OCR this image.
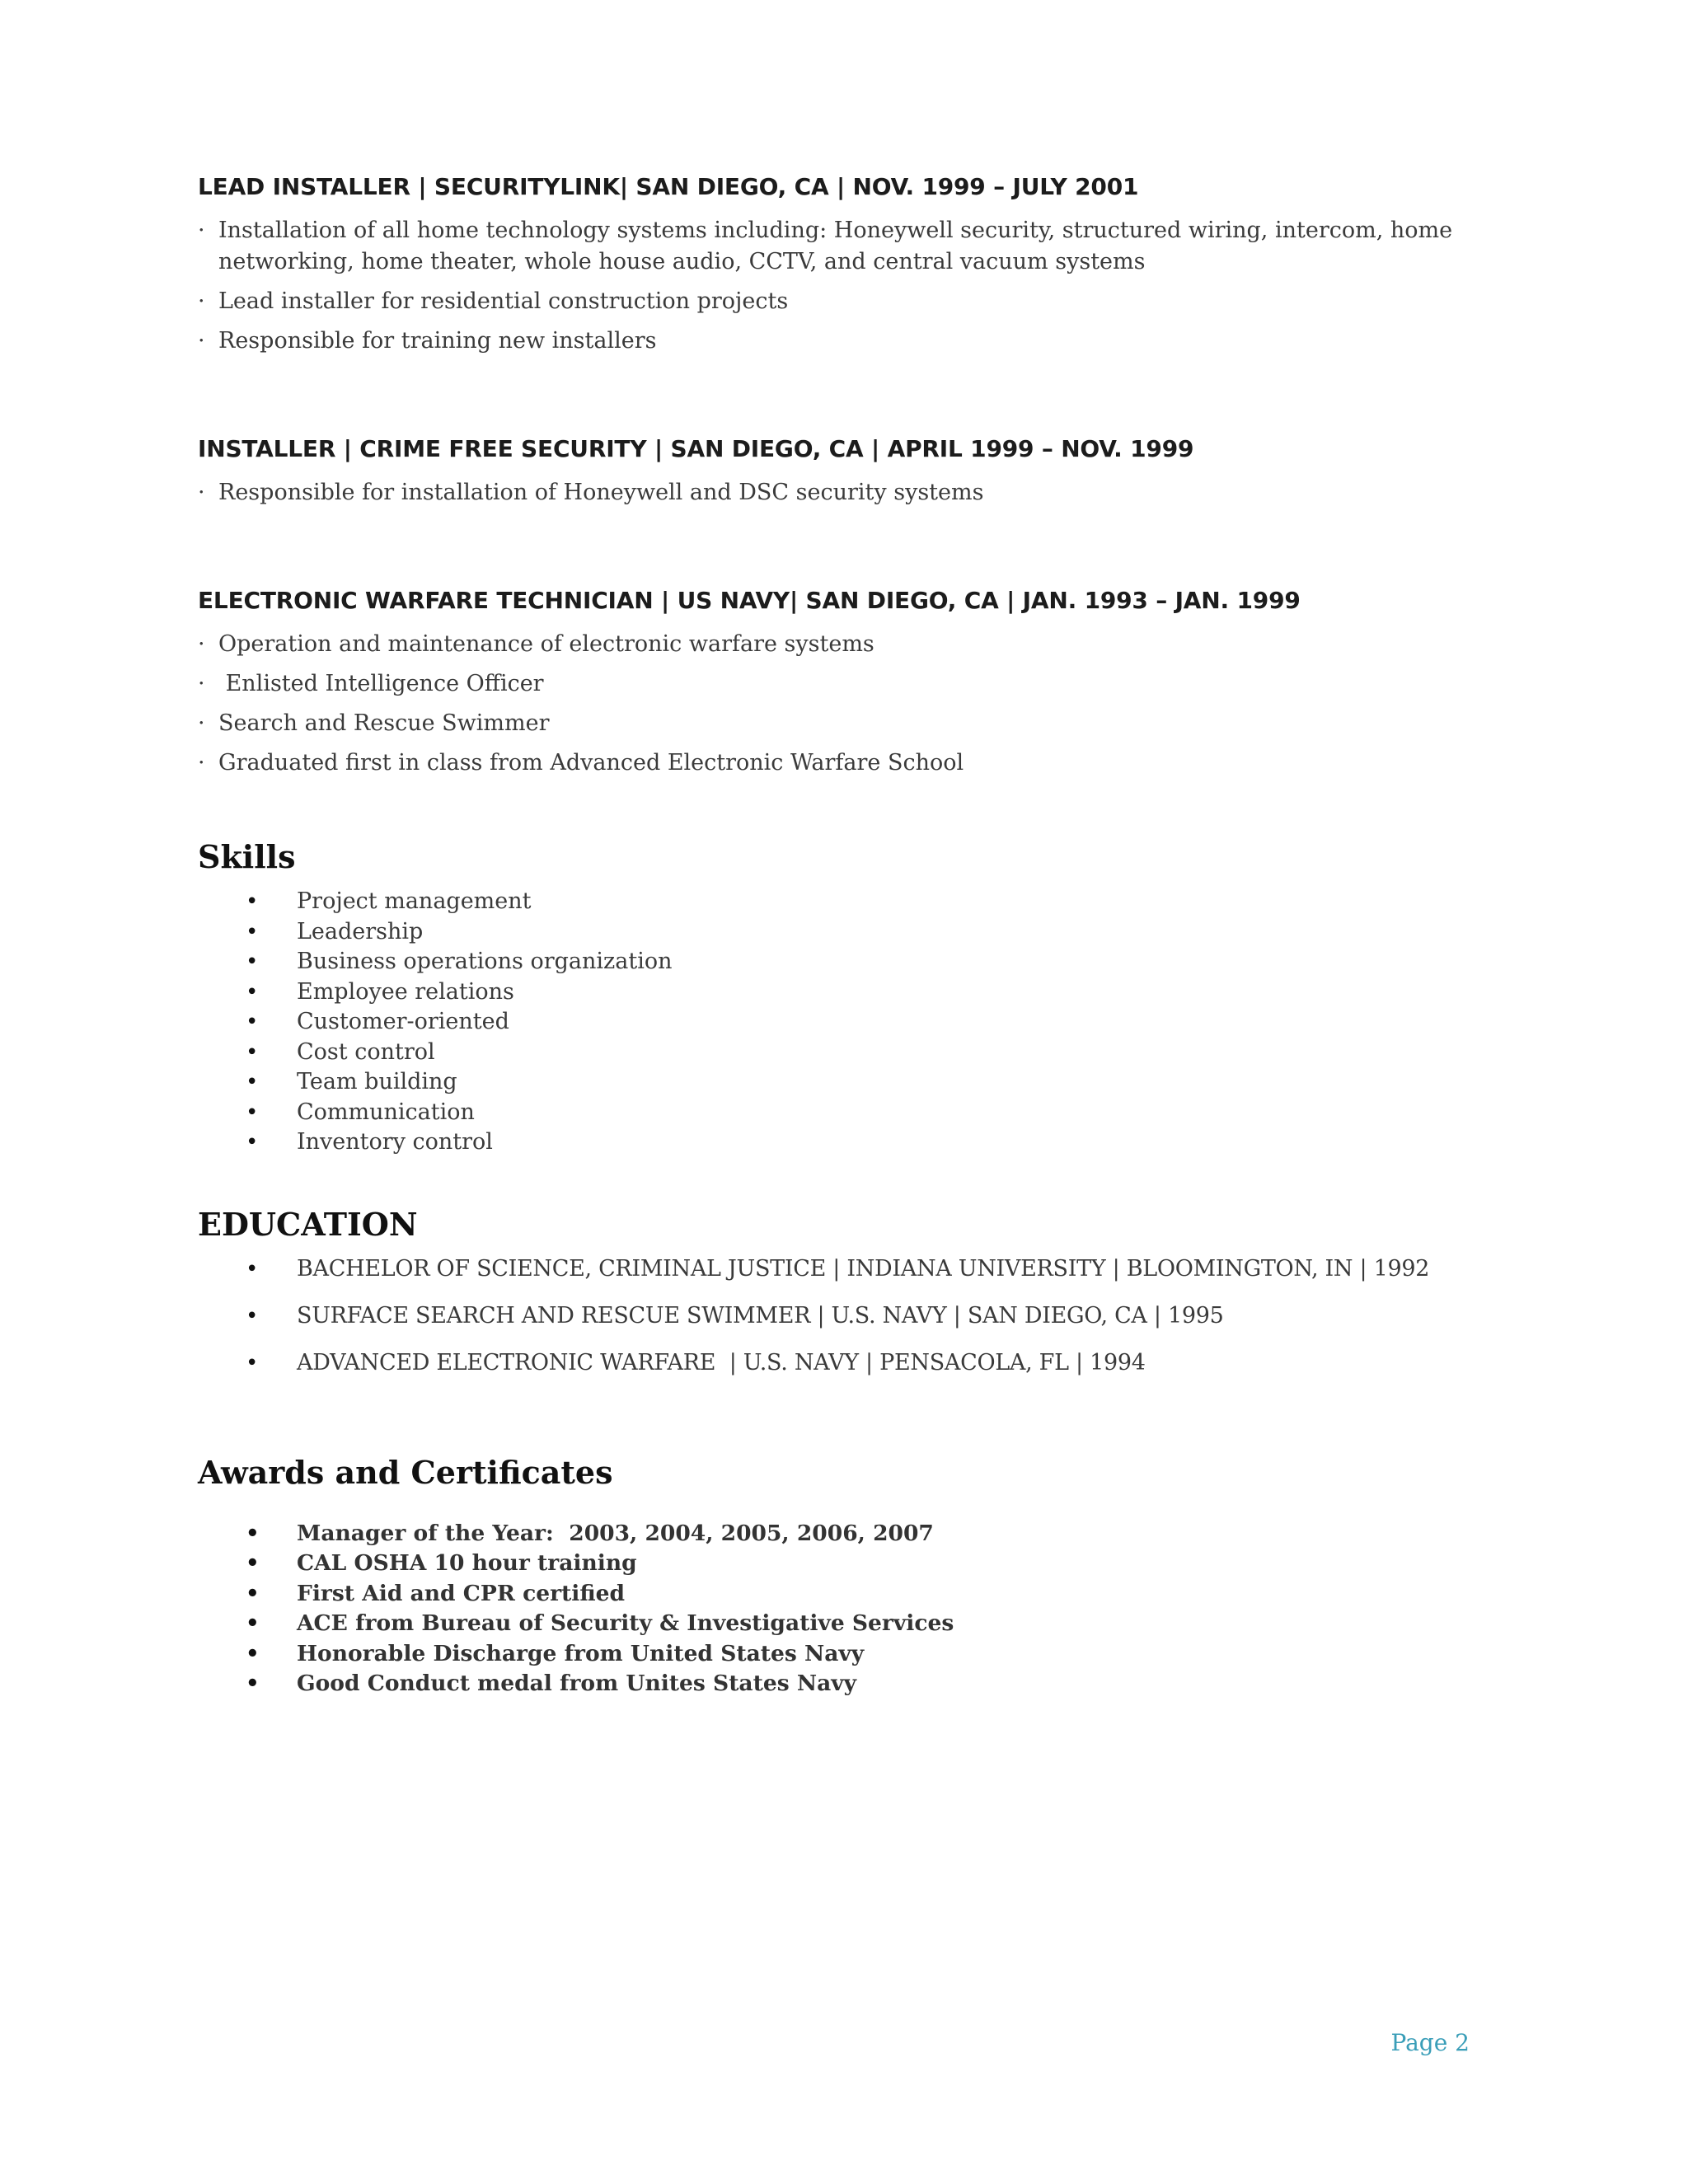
LEAD INSTALLER | SECURITYLINK| SAN DIEGO, CA | NOV. 1999 – JULY 2001
· Installation of all home technology systems including: Honeywell security, structured wiring, intercom, home networking, home theater, whole house audio, CCTV, and central vacuum systems
· Lead installer for residential construction projects
· Responsible for training new installers
INSTALLER | CRIME FREE SECURITY | SAN DIEGO, CA | APRIL 1999 – NOV. 1999
· Responsible for installation of Honeywell and DSC security systems
ELECTRONIC WARFARE TECHNICIAN | US NAVY| SAN DIEGO, CA | JAN. 1993 – JAN. 1999
· Operation and maintenance of electronic warfare systems
· Enlisted Intelligence Officer
· Search and Rescue Swimmer
· Graduated first in class from Advanced Electronic Warfare School
Skills
• Project management
• Leadership
• Business operations organization
• Employee relations
• Customer-oriented
• Cost control
• Team building
• Communication
• Inventory control
EDUCATION
• BACHELOR OF SCIENCE, CRIMINAL JUSTICE | INDIANA UNIVERSITY | BLOOMINGTON, IN | 1992
• SURFACE SEARCH AND RESCUE SWIMMER | U.S. NAVY | SAN DIEGO, CA | 1995
• ADVANCED ELECTRONIC WARFARE  | U.S. NAVY | PENSACOLA, FL | 1994
Awards and Certificates
• Manager of the Year:  2003, 2004, 2005, 2006, 2007
• CAL OSHA 10 hour training
• First Aid and CPR certified
• ACE from Bureau of Security & Investigative Services
• Honorable Discharge from United States Navy
• Good Conduct medal from Unites States Navy
Page 2
